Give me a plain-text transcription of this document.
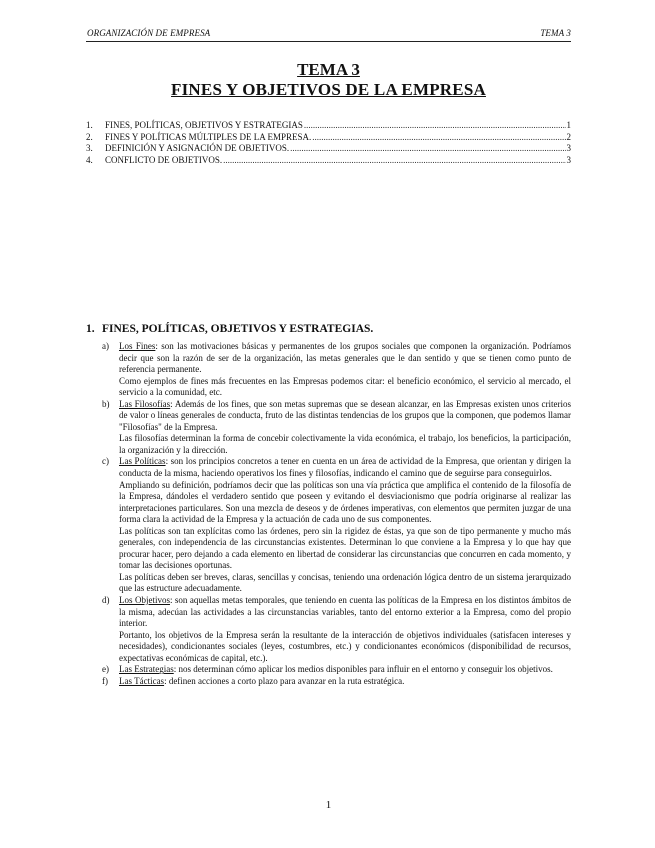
ORGANIZACIÓN DE EMPRESA	TEMA 3
TEMA 3
FINES Y OBJETIVOS DE LA EMPRESA
1.	FINES, POLÍTICAS, OBJETIVOS Y ESTRATEGIAS .....	1
2.	FINES Y POLÍTICAS MÚLTIPLES DE LA EMPRESA. .....	2
3.	DEFINICIÓN Y ASIGNACIÓN DE OBJETIVOS. .....	3
4.	CONFLICTO DE OBJETIVOS. .....	3
1. FINES, POLÍTICAS, OBJETIVOS Y ESTRATEGIAS.
a)	Los Fines: son las motivaciones básicas y permanentes de los grupos sociales que componen la organización. Podríamos decir que son la razón de ser de la organización, las metas generales que le dan sentido y que se tienen como punto de referencia permanente.

Como ejemplos de fines más frecuentes en las Empresas podemos citar: el beneficio económico, el servicio al mercado, el servicio a la comunidad, etc.

b)	Las Filosofías: Además de los fines, que son metas supremas que se desean alcanzar, en las Empresas existen unos criterios de valor o líneas generales de conducta, fruto de las distintas tendencias de los grupos que la componen, que podemos llamar "Filosofías" de la Empresa.

Las filosofías determinan la forma de concebir colectivamente la vida económica, el trabajo, los beneficios, la participación, la organización y la dirección.

c)	Las Políticas: son los principios concretos a tener en cuenta en un área de actividad de la Empresa, que orientan y dirigen la conducta de la misma, haciendo operativos los fines y filosofías, indicando el camino que de seguirse para conseguirlos.

Ampliando su definición, podríamos decir que las políticas son una vía práctica que amplifica el contenido de la filosofía de la Empresa, dándoles el verdadero sentido que poseen y evitando el desviacionismo que podría originarse al realizar las interpretaciones particulares. Son una mezcla de deseos y de órdenes imperativas, con elementos que permiten juzgar de una forma clara la actividad de la Empresa y la actuación de cada uno de sus componentes.

Las políticas son tan explícitas como las órdenes, pero sin la rigidez de éstas, ya que son de tipo permanente y mucho más generales, con independencia de las circunstancias existentes. Determinan lo que conviene a la Empresa y lo que hay que procurar hacer, pero dejando a cada elemento en libertad de considerar las circunstancias que concurren en cada momento, y tomar las decisiones oportunas.

Las políticas deben ser breves, claras, sencillas y concisas, teniendo una ordenación lógica dentro de un sistema jerarquizado que las estructure adecuadamente.

d)	Los Objetivos: son aquellas metas temporales, que teniendo en cuenta las políticas de la Empresa en los distintos ámbitos de la misma, adecúan las actividades a las circunstancias variables, tanto del entorno exterior a la Empresa, como del propio interior.

Portanto, los objetivos de la Empresa serán la resultante de la interacción de objetivos individuales (satisfacen intereses y necesidades), condicionantes sociales (leyes, costumbres, etc.) y condicionantes económicos (disponibilidad de recursos, expectativas económicas de capital, etc.).

e)	Las Estrategias: nos determinan cómo aplicar los medios disponibles para influir en el entorno y conseguir los objetivos.

f)	Las Tácticas: definen acciones a corto plazo para avanzar en la ruta estratégica.

1
